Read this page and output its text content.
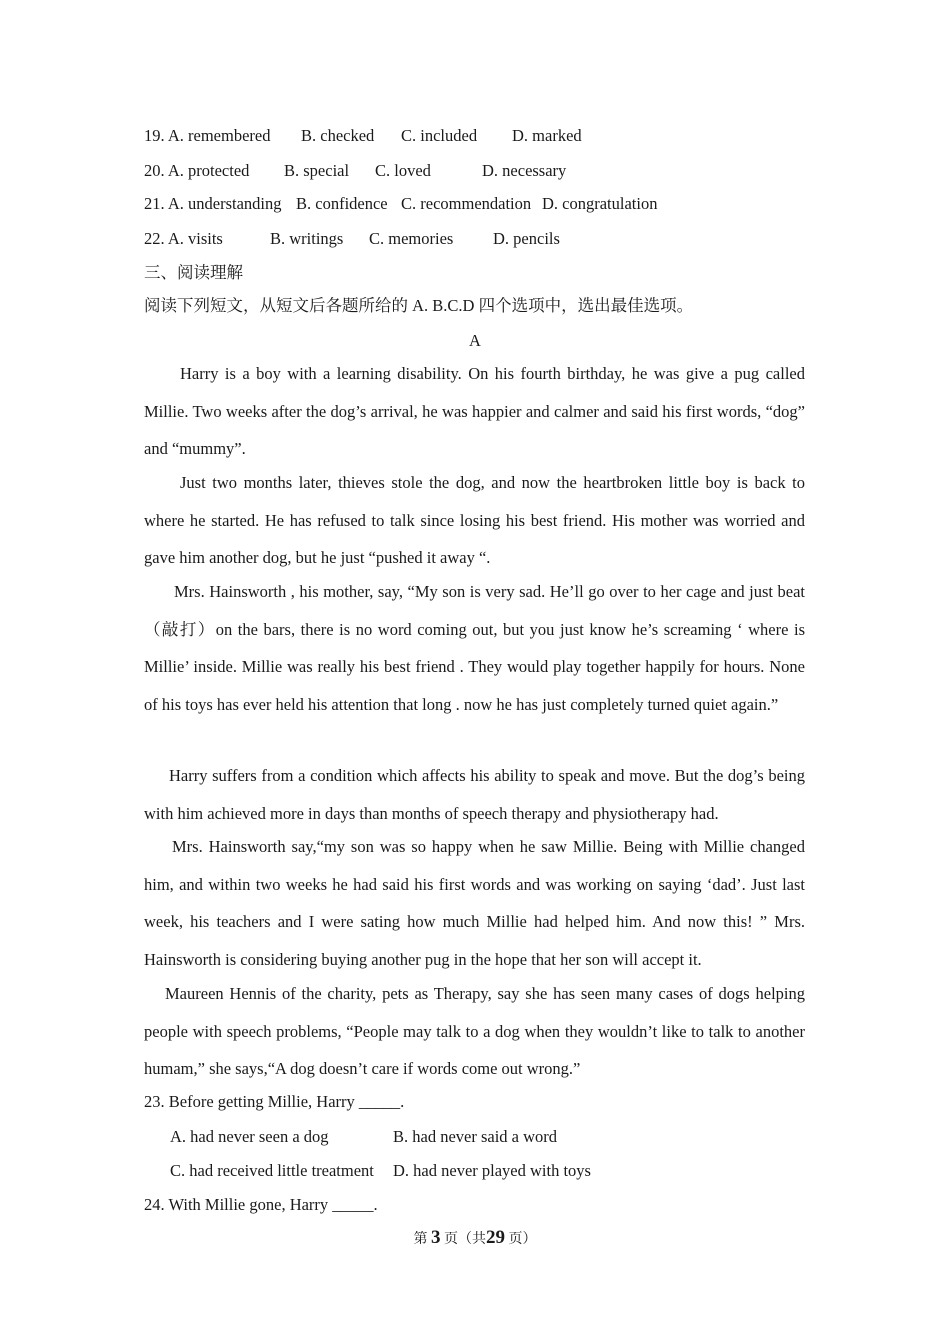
19. A. remembered B. checked C. included D. marked
20. A. protected B. special C. loved	D. necessary
21. A. understanding B. confidence C. recommendation D. congratulation
22. A. visits	B. writings C. memories D. pencils
三、阅读理解
阅读下列短文，从短文后各题所给的 A. B.C.D 四个选项中，选出最佳选项。
A
Harry is a boy with a learning disability. On his fourth birthday, he was give a pug called Millie. Two weeks after the dog’s arrival, he was happier and calmer and said his first words, “dog” and “mummy”.
Just two months later, thieves stole the dog, and now the heartbroken little boy is back to where he started. He has refused to talk since losing his best friend. His mother was worried and gave him another dog, but he just “pushed it away “.
Mrs. Hainsworth , his mother, say, “My son is very sad. He’ll go over to her cage and just beat（敲打）on the bars, there is no word coming out, but you just know he’s screaming ‘ where is Millie’ inside. Millie was really his best friend . They would play together happily for hours. None of his toys has ever held his attention that long . now he has just completely turned quiet again.”
Harry suffers from a condition which affects his ability to speak and move. But the dog’s being with him achieved more in days than months of speech therapy and physiotherapy had.
Mrs. Hainsworth say,“my son was so happy when he saw Millie. Being with Millie changed him, and within two weeks he had said his first words and was working on saying ‘dad’. Just last week, his teachers and I were sating how much Millie had helped him. And now this! ” Mrs. Hainsworth is considering buying another pug in the hope that her son will accept it.
Maureen Hennis of the charity, pets as Therapy, say she has seen many cases of dogs helping people with speech problems, “People may talk to a dog when they wouldn’t like to talk to another humam,” she says,“A dog doesn’t care if words come out wrong.”
23. Before getting Millie, Harry _____.
A. had never seen a dog	B. had never said a word
C. had received little treatment D. had never played with toys
24. With Millie gone, Harry _____.
第 3 页（共29 页）
